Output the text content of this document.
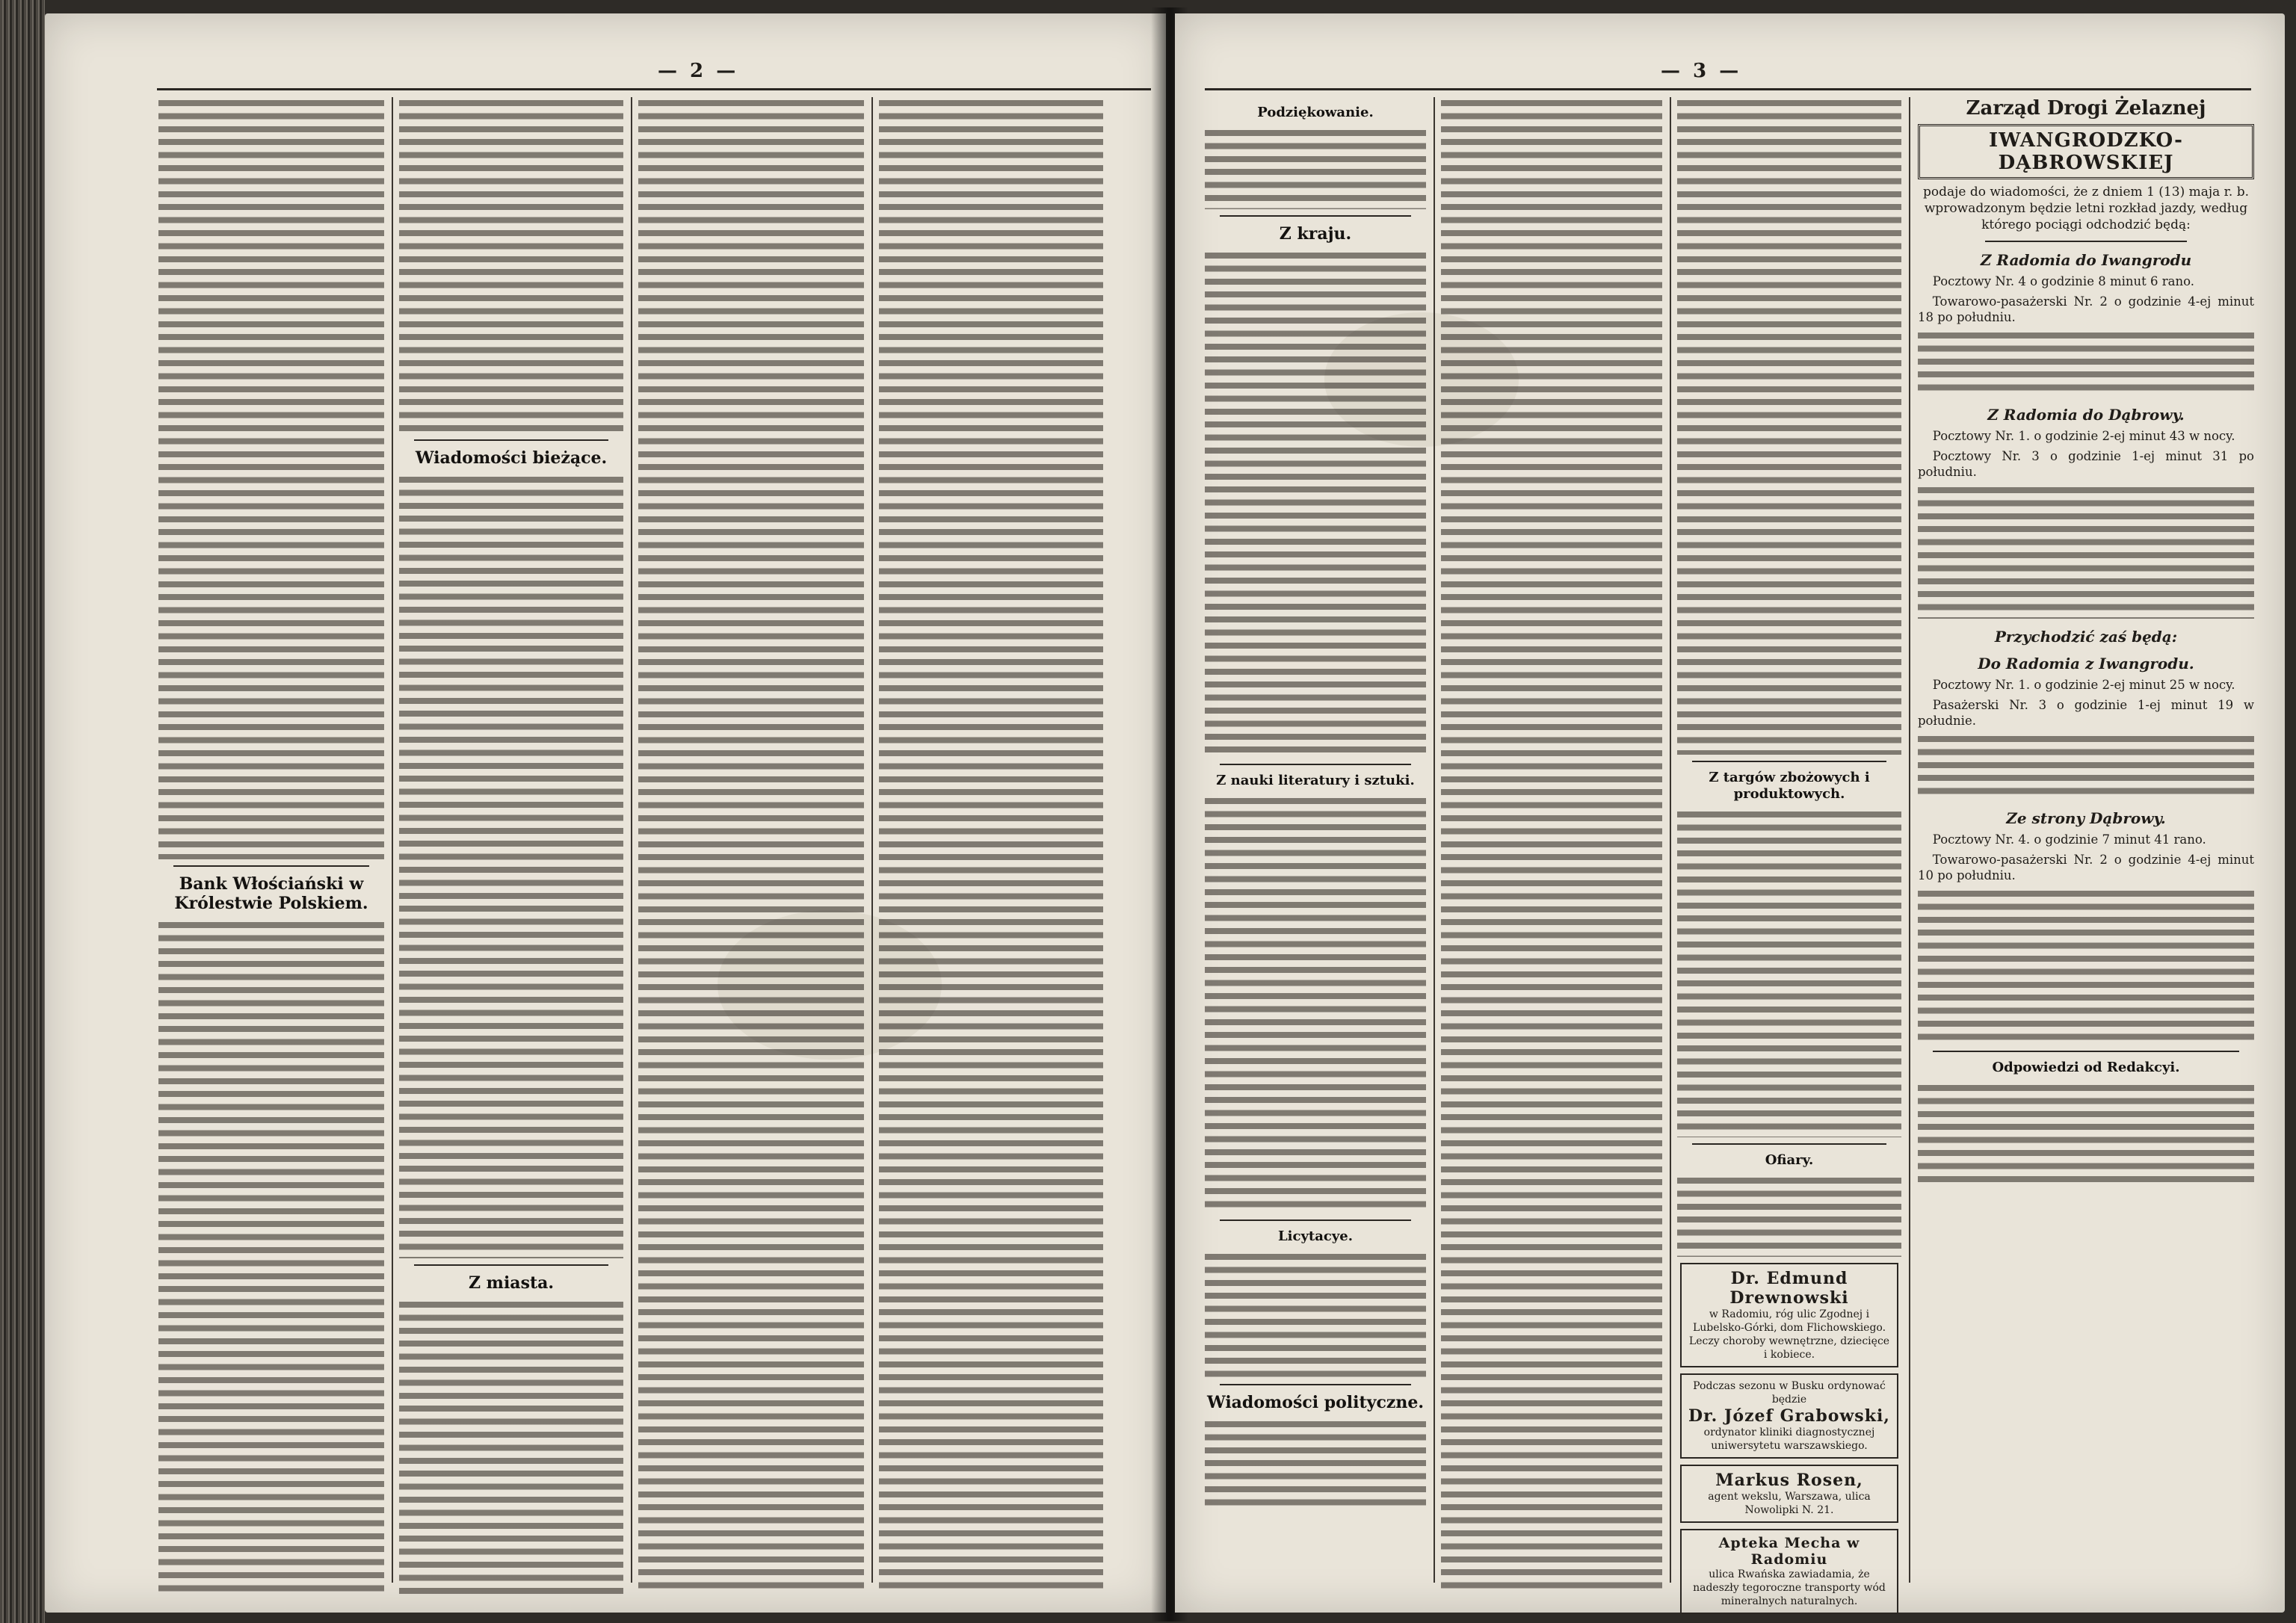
— 2 —
Bank Włościański w Królestwie Polskiem.
Wiadomości bieżące.
Z miasta.
— 3 —
Podziękowanie.
Z kraju.
Z nauki literatury i sztuki.
Licytacye.
Wiadomości polityczne.
Z targów zbożowych i produktowych.
Ofiary.
Dr. Edmund Drewnowski
w Radomiu, róg ulic Zgodnej i Lubelsko-Górki, dom Flichowskiego. Leczy choroby wewnętrzne, dziecięce i kobiece.
Podczas sezonu w Busku ordynować będzie
Dr. Józef Grabowski,
ordynator kliniki diagnostycznej uniwersytetu warszawskiego.
Markus Rosen,
agent wekslu, Warszawa, ulica Nowolipki N. 21.
Apteka Mecha w Radomiu
ulica Rwańska zawiadamia, że nadeszły tegoroczne transporty wód mineralnych naturalnych.
Zarząd Drogi Żelaznej
IWANGRODZKO-DĄBROWSKIEJ
podaje do wiadomości, że z dniem 1 (13) maja r. b. wprowadzonym będzie letni rozkład jazdy, według którego pociągi odchodzić będą:
Z Radomia do Iwangrodu
Pocztowy Nr. 4 o godzinie 8 minut 6 rano.
Towarowo-pasażerski Nr. 2 o godzinie 4-ej minut 18 po południu.
Z Radomia do Dąbrowy.
Pocztowy Nr. 1. o godzinie 2-ej minut 43 w nocy.
Pocztowy Nr. 3 o godzinie 1-ej minut 31 po południu.
Przychodzić zaś będą:
Do Radomia z Iwangrodu.
Pocztowy Nr. 1. o godzinie 2-ej minut 25 w nocy.
Pasażerski Nr. 3 o godzinie 1-ej minut 19 w południe.
Ze strony Dąbrowy.
Pocztowy Nr. 4. o godzinie 7 minut 41 rano.
Towarowo-pasażerski Nr. 2 o godzinie 4-ej minut 10 po południu.
Odpowiedzi od Redakcyi.
